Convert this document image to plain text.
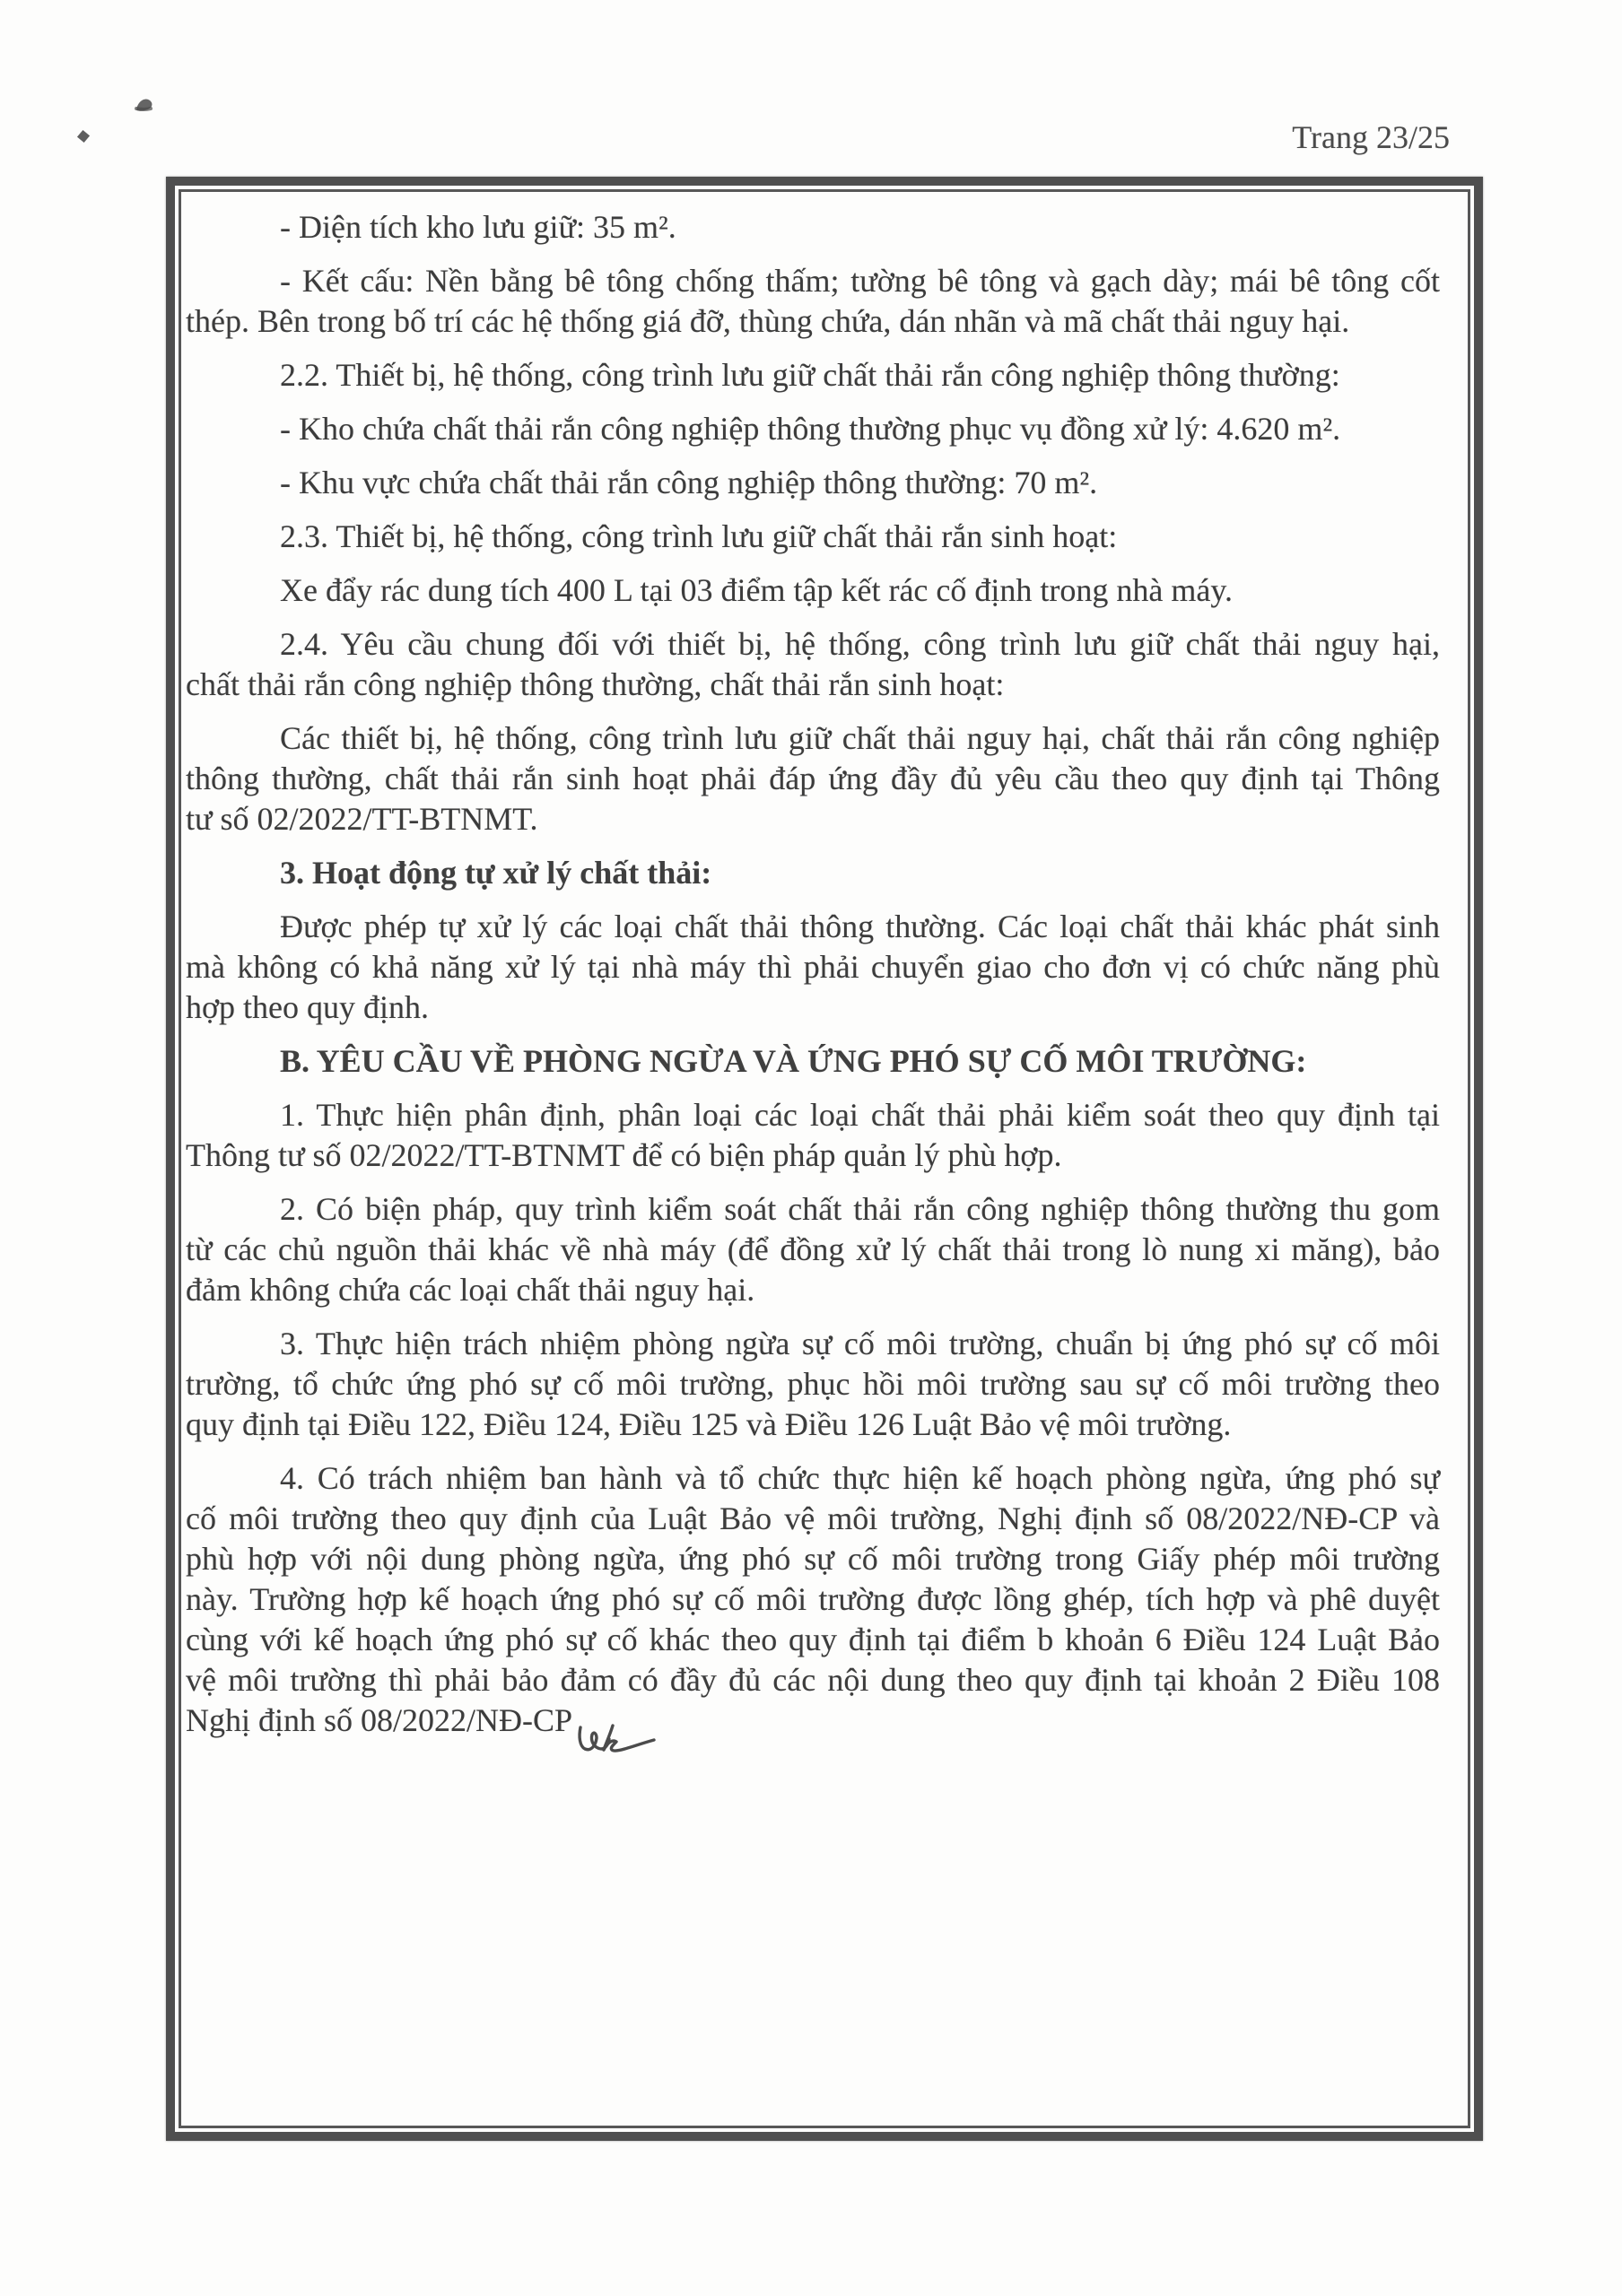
Trang 23/25
- Diện tích kho lưu giữ: 35 m².
- Kết cấu: Nền bằng bê tông chống thấm; tường bê tông và gạch dày; mái bê tông cốt
thép. Bên trong bố trí các hệ thống giá đỡ, thùng chứa, dán nhãn và mã chất thải nguy hại.
2.2. Thiết bị, hệ thống, công trình lưu giữ chất thải rắn công nghiệp thông thường:
- Kho chứa chất thải rắn công nghiệp thông thường phục vụ đồng xử lý: 4.620 m².
- Khu vực chứa chất thải rắn công nghiệp thông thường: 70 m².
2.3. Thiết bị, hệ thống, công trình lưu giữ chất thải rắn sinh hoạt:
Xe đẩy rác dung tích 400 L tại 03 điểm tập kết rác cố định trong nhà máy.
2.4. Yêu cầu chung đối với thiết bị, hệ thống, công trình lưu giữ chất thải nguy hại,
chất thải rắn công nghiệp thông thường, chất thải rắn sinh hoạt:
Các thiết bị, hệ thống, công trình lưu giữ chất thải nguy hại, chất thải rắn công nghiệp
thông thường, chất thải rắn sinh hoạt phải đáp ứng đầy đủ yêu cầu theo quy định tại Thông
tư số 02/2022/TT-BTNMT.
3. Hoạt động tự xử lý chất thải:
Được phép tự xử lý các loại chất thải thông thường. Các loại chất thải khác phát sinh
mà không có khả năng xử lý tại nhà máy thì phải chuyển giao cho đơn vị có chức năng phù
hợp theo quy định.
B. YÊU CẦU VỀ PHÒNG NGỪA VÀ ỨNG PHÓ SỰ CỐ MÔI TRƯỜNG:
1. Thực hiện phân định, phân loại các loại chất thải phải kiểm soát theo quy định tại
Thông tư số 02/2022/TT-BTNMT để có biện pháp quản lý phù hợp.
2. Có biện pháp, quy trình kiểm soát chất thải rắn công nghiệp thông thường thu gom
từ các chủ nguồn thải khác về nhà máy (để đồng xử lý chất thải trong lò nung xi măng), bảo
đảm không chứa các loại chất thải nguy hại.
3. Thực hiện trách nhiệm phòng ngừa sự cố môi trường, chuẩn bị ứng phó sự cố môi
trường, tổ chức ứng phó sự cố môi trường, phục hồi môi trường sau sự cố môi trường theo
quy định tại Điều 122, Điều 124, Điều 125 và Điều 126 Luật Bảo vệ môi trường.
4. Có trách nhiệm ban hành và tổ chức thực hiện kế hoạch phòng ngừa, ứng phó sự
cố môi trường theo quy định của Luật Bảo vệ môi trường, Nghị định số 08/2022/NĐ-CP và
phù hợp với nội dung phòng ngừa, ứng phó sự cố môi trường trong Giấy phép môi trường
này. Trường hợp kế hoạch ứng phó sự cố môi trường được lồng ghép, tích hợp và phê duyệt
cùng với kế hoạch ứng phó sự cố khác theo quy định tại điểm b khoản 6 Điều 124 Luật Bảo
vệ môi trường thì phải bảo đảm có đầy đủ các nội dung theo quy định tại khoản 2 Điều 108
Nghị định số 08/2022/NĐ-CP
